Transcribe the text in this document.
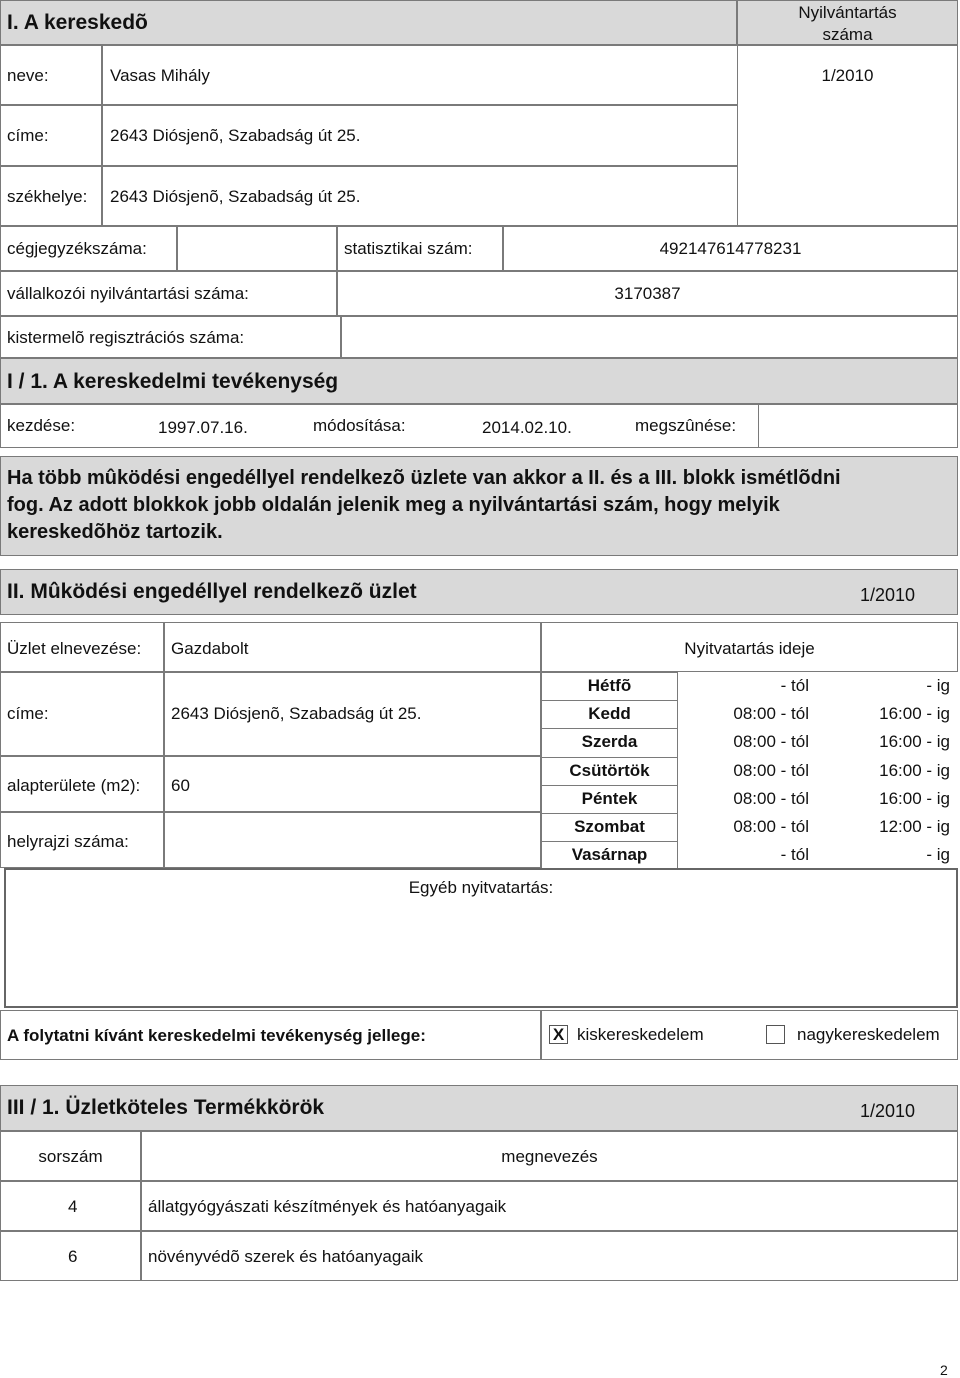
I. A kereskedõ	Nyilvántartás
száma
neve:	Vasas Mihály	1/2010
címe:	2643 Diósjenõ, Szabadság út 25.
székhelye: 2643 Diósjenõ, Szabadság út 25.
cégjegyzékszáma:	statisztikai szám:	492147614778231
vállalkozói nyilvántartási száma:	3170387
kistermelõ regisztrációs száma:
I / 1. A kereskedelmi tevékenység
kezdése:	1997.07.16.	módosítása:	2014.02.10.	megszûnése:
Ha több mûködési engedéllyel rendelkezõ üzlete van akkor a II. és a III. blokk ismétlõdni
fog. Az adott blokkok jobb oldalán jelenik meg a nyilvántartási szám, hogy melyik
kereskedõhöz tartozik.
II. Mûködési engedéllyel rendelkezõ üzlet	1/2010
Üzlet elnevezése: Gazdabolt	Nyitvatartás ideje
címe:	2643 Diósjenõ, Szabadság út 25.
alapterülete (m2): 60
helyrajzi száma:
Hétfõ	- tól	- ig
Kedd	08:00 - tól	16:00 - ig
Szerda	08:00 - tól	16:00 - ig
Csütörtök	08:00 - tól	16:00 - ig
Péntek	08:00 - tól	16:00 - ig
Szombat	08:00 - tól	12:00 - ig
Vasárnap	- tól	- ig
Egyéb nyitvatartás:
A folytatni kívánt kereskedelmi tevékenység jellege:	X kiskereskedelem	nagykereskedelem
III / 1. Üzletköteles Termékkörök	1/2010
sorszám	megnevezés
4	állatgyógyászati készítmények és hatóanyagaik
6	növényvédõ szerek és hatóanyagaik
2
